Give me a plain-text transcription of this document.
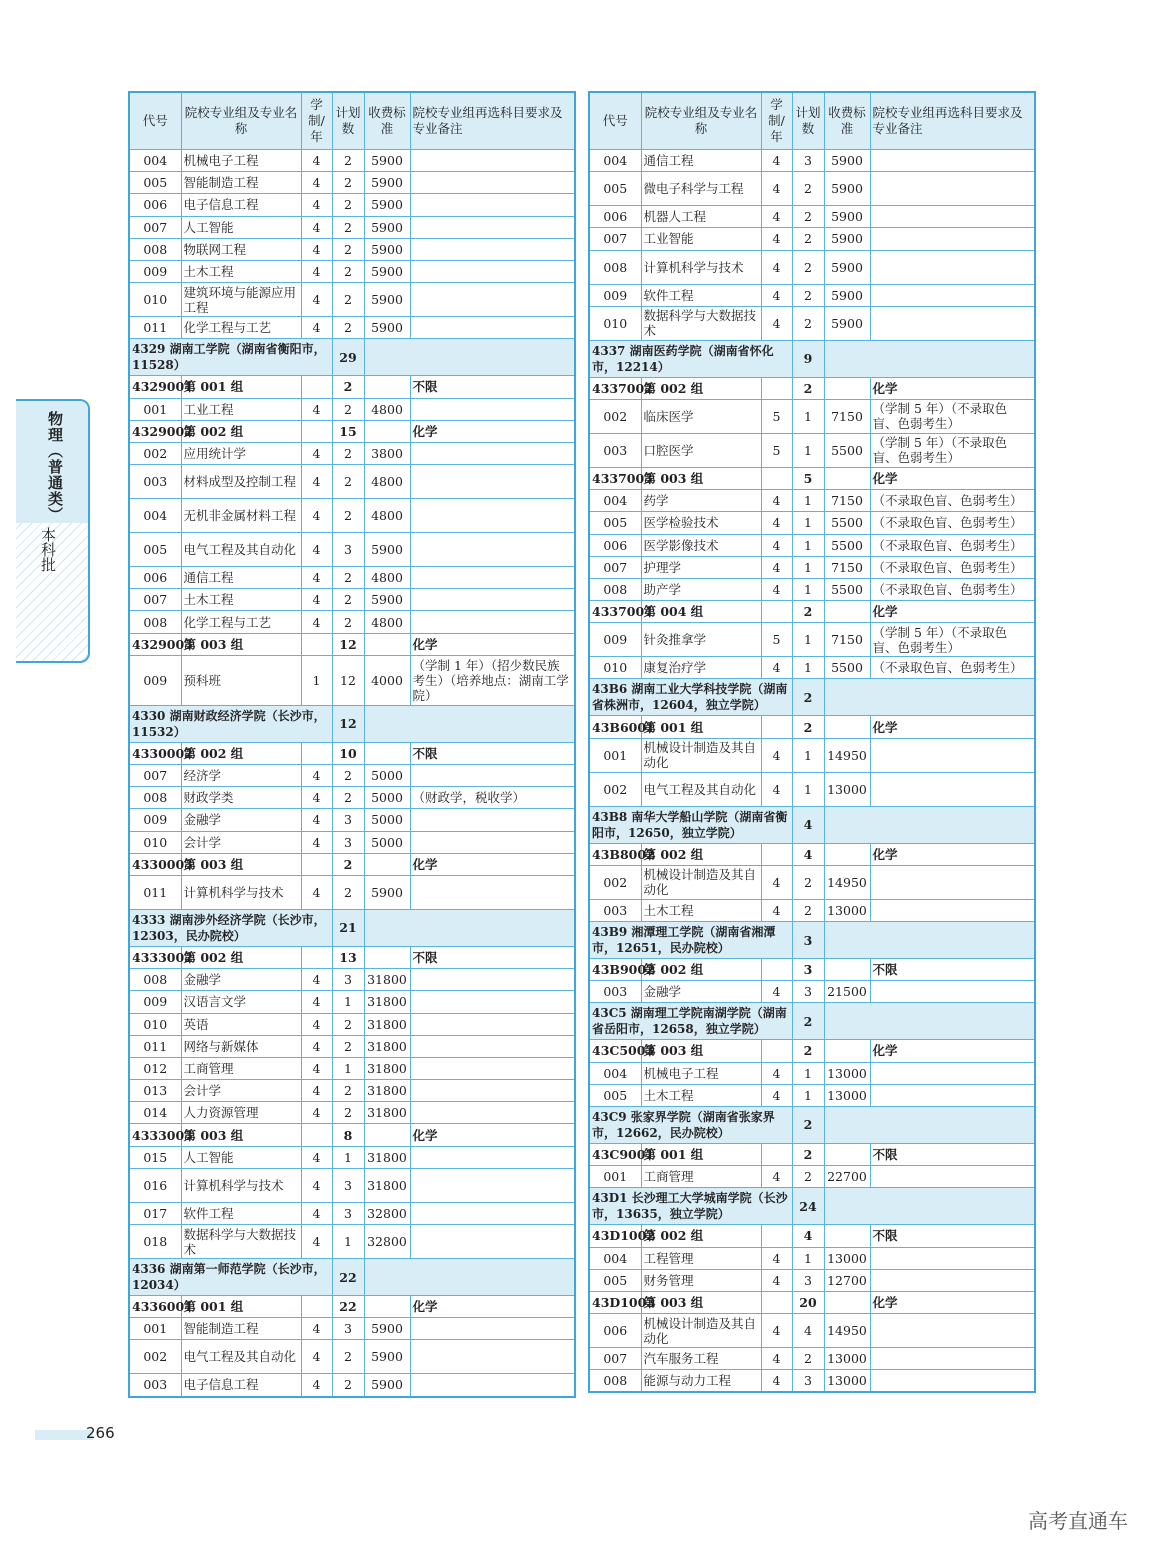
物理（普通类）
本科批
代号	院校专业组及专业名称	学制/年	计划数	收费标准	院校专业组再选科目要求及专业备注
004	机械电子工程	4	2	5900	
005	智能制造工程	4	2	5900	
006	电子信息工程	4	2	5900	
007	人工智能	4	2	5900	
008	物联网工程	4	2	5900	
009	土木工程	4	2	5900	
010	建筑环境与能源应用工程	4	2	5900	
011	化学工程与工艺	4	2	5900	
4329 湖南工学院（湖南省衡阳市，11528）			29		
4329001	第 001 组		2		不限
001	工业工程	4	2	4800	
4329002	第 002 组		15		化学
002	应用统计学	4	2	3800	
003	材料成型及控制工程	4	2	4800	
004	无机非金属材料工程	4	2	4800	
005	电气工程及其自动化	4	3	5900	
006	通信工程	4	2	4800	
007	土木工程	4	2	5900	
008	化学工程与工艺	4	2	4800	
4329003	第 003 组		12		化学
009	预科班	1	12	4000	（学制 1 年）（招少数民族考生）（培养地点：湖南工学院）
4330 湖南财政经济学院（长沙市，11532）			12		
4330002	第 002 组		10		不限
007	经济学	4	2	5000	
008	财政学类	4	2	5000	（财政学，税收学）
009	金融学	4	3	5000	
010	会计学	4	3	5000	
4330003	第 003 组		2		化学
011	计算机科学与技术	4	2	5900	
4333 湖南涉外经济学院（长沙市，12303，民办院校）			21		
4333002	第 002 组		13		不限
008	金融学	4	3	31800	
009	汉语言文学	4	1	31800	
010	英语	4	2	31800	
011	网络与新媒体	4	2	31800	
012	工商管理	4	1	31800	
013	会计学	4	2	31800	
014	人力资源管理	4	2	31800	
4333003	第 003 组		8		化学
015	人工智能	4	1	31800	
016	计算机科学与技术	4	3	31800	
017	软件工程	4	3	32800	
018	数据科学与大数据技术	4	1	32800	
4336 湖南第一师范学院（长沙市，12034）			22		
4336001	第 001 组		22		化学
001	智能制造工程	4	3	5900	
002	电气工程及其自动化	4	2	5900	
003	电子信息工程	4	2	5900	
代号	院校专业组及专业名称	学制/年	计划数	收费标准	院校专业组再选科目要求及专业备注
004	通信工程	4	3	5900	
005	微电子科学与工程	4	2	5900	
006	机器人工程	4	2	5900	
007	工业智能	4	2	5900	
008	计算机科学与技术	4	2	5900	
009	软件工程	4	2	5900	
010	数据科学与大数据技术	4	2	5900	
4337 湖南医药学院（湖南省怀化市，12214）			9		
4337002	第 002 组		2		化学
002	临床医学	5	1	7150	（学制 5 年）（不录取色盲、色弱考生）
003	口腔医学	5	1	5500	（学制 5 年）（不录取色盲、色弱考生）
4337003	第 003 组		5		化学
004	药学	4	1	7150	（不录取色盲、色弱考生）
005	医学检验技术	4	1	5500	（不录取色盲、色弱考生）
006	医学影像技术	4	1	5500	（不录取色盲、色弱考生）
007	护理学	4	1	7150	（不录取色盲、色弱考生）
008	助产学	4	1	5500	（不录取色盲、色弱考生）
4337004	第 004 组		2		化学
009	针灸推拿学	5	1	7150	（学制 5 年）（不录取色盲、色弱考生）
010	康复治疗学	4	1	5500	（不录取色盲、色弱考生）
43B6 湖南工业大学科技学院（湖南省株洲市，12604，独立学院）			2		
43B6001	第 001 组		2		化学
001	机械设计制造及其自动化	4	1	14950	
002	电气工程及其自动化	4	1	13000	
43B8 南华大学船山学院（湖南省衡阳市，12650，独立学院）			4		
43B8002	第 002 组		4		化学
002	机械设计制造及其自动化	4	2	14950	
003	土木工程	4	2	13000	
43B9 湘潭理工学院（湖南省湘潭市，12651，民办院校）			3		
43B9002	第 002 组		3		不限
003	金融学	4	3	21500	
43C5 湖南理工学院南湖学院（湖南省岳阳市，12658，独立学院）			2		
43C5003	第 003 组		2		化学
004	机械电子工程	4	1	13000	
005	土木工程	4	1	13000	
43C9 张家界学院（湖南省张家界市，12662，民办院校）			2		
43C9001	第 001 组		2		不限
001	工商管理	4	2	22700	
43D1 长沙理工大学城南学院（长沙市，13635，独立学院）			24		
43D1002	第 002 组		4		不限
004	工程管理	4	1	13000	
005	财务管理	4	3	12700	
43D1003	第 003 组		20		化学
006	机械设计制造及其自动化	4	4	14950	
007	汽车服务工程	4	2	13000	
008	能源与动力工程	4	3	13000	
266
高考直通车
